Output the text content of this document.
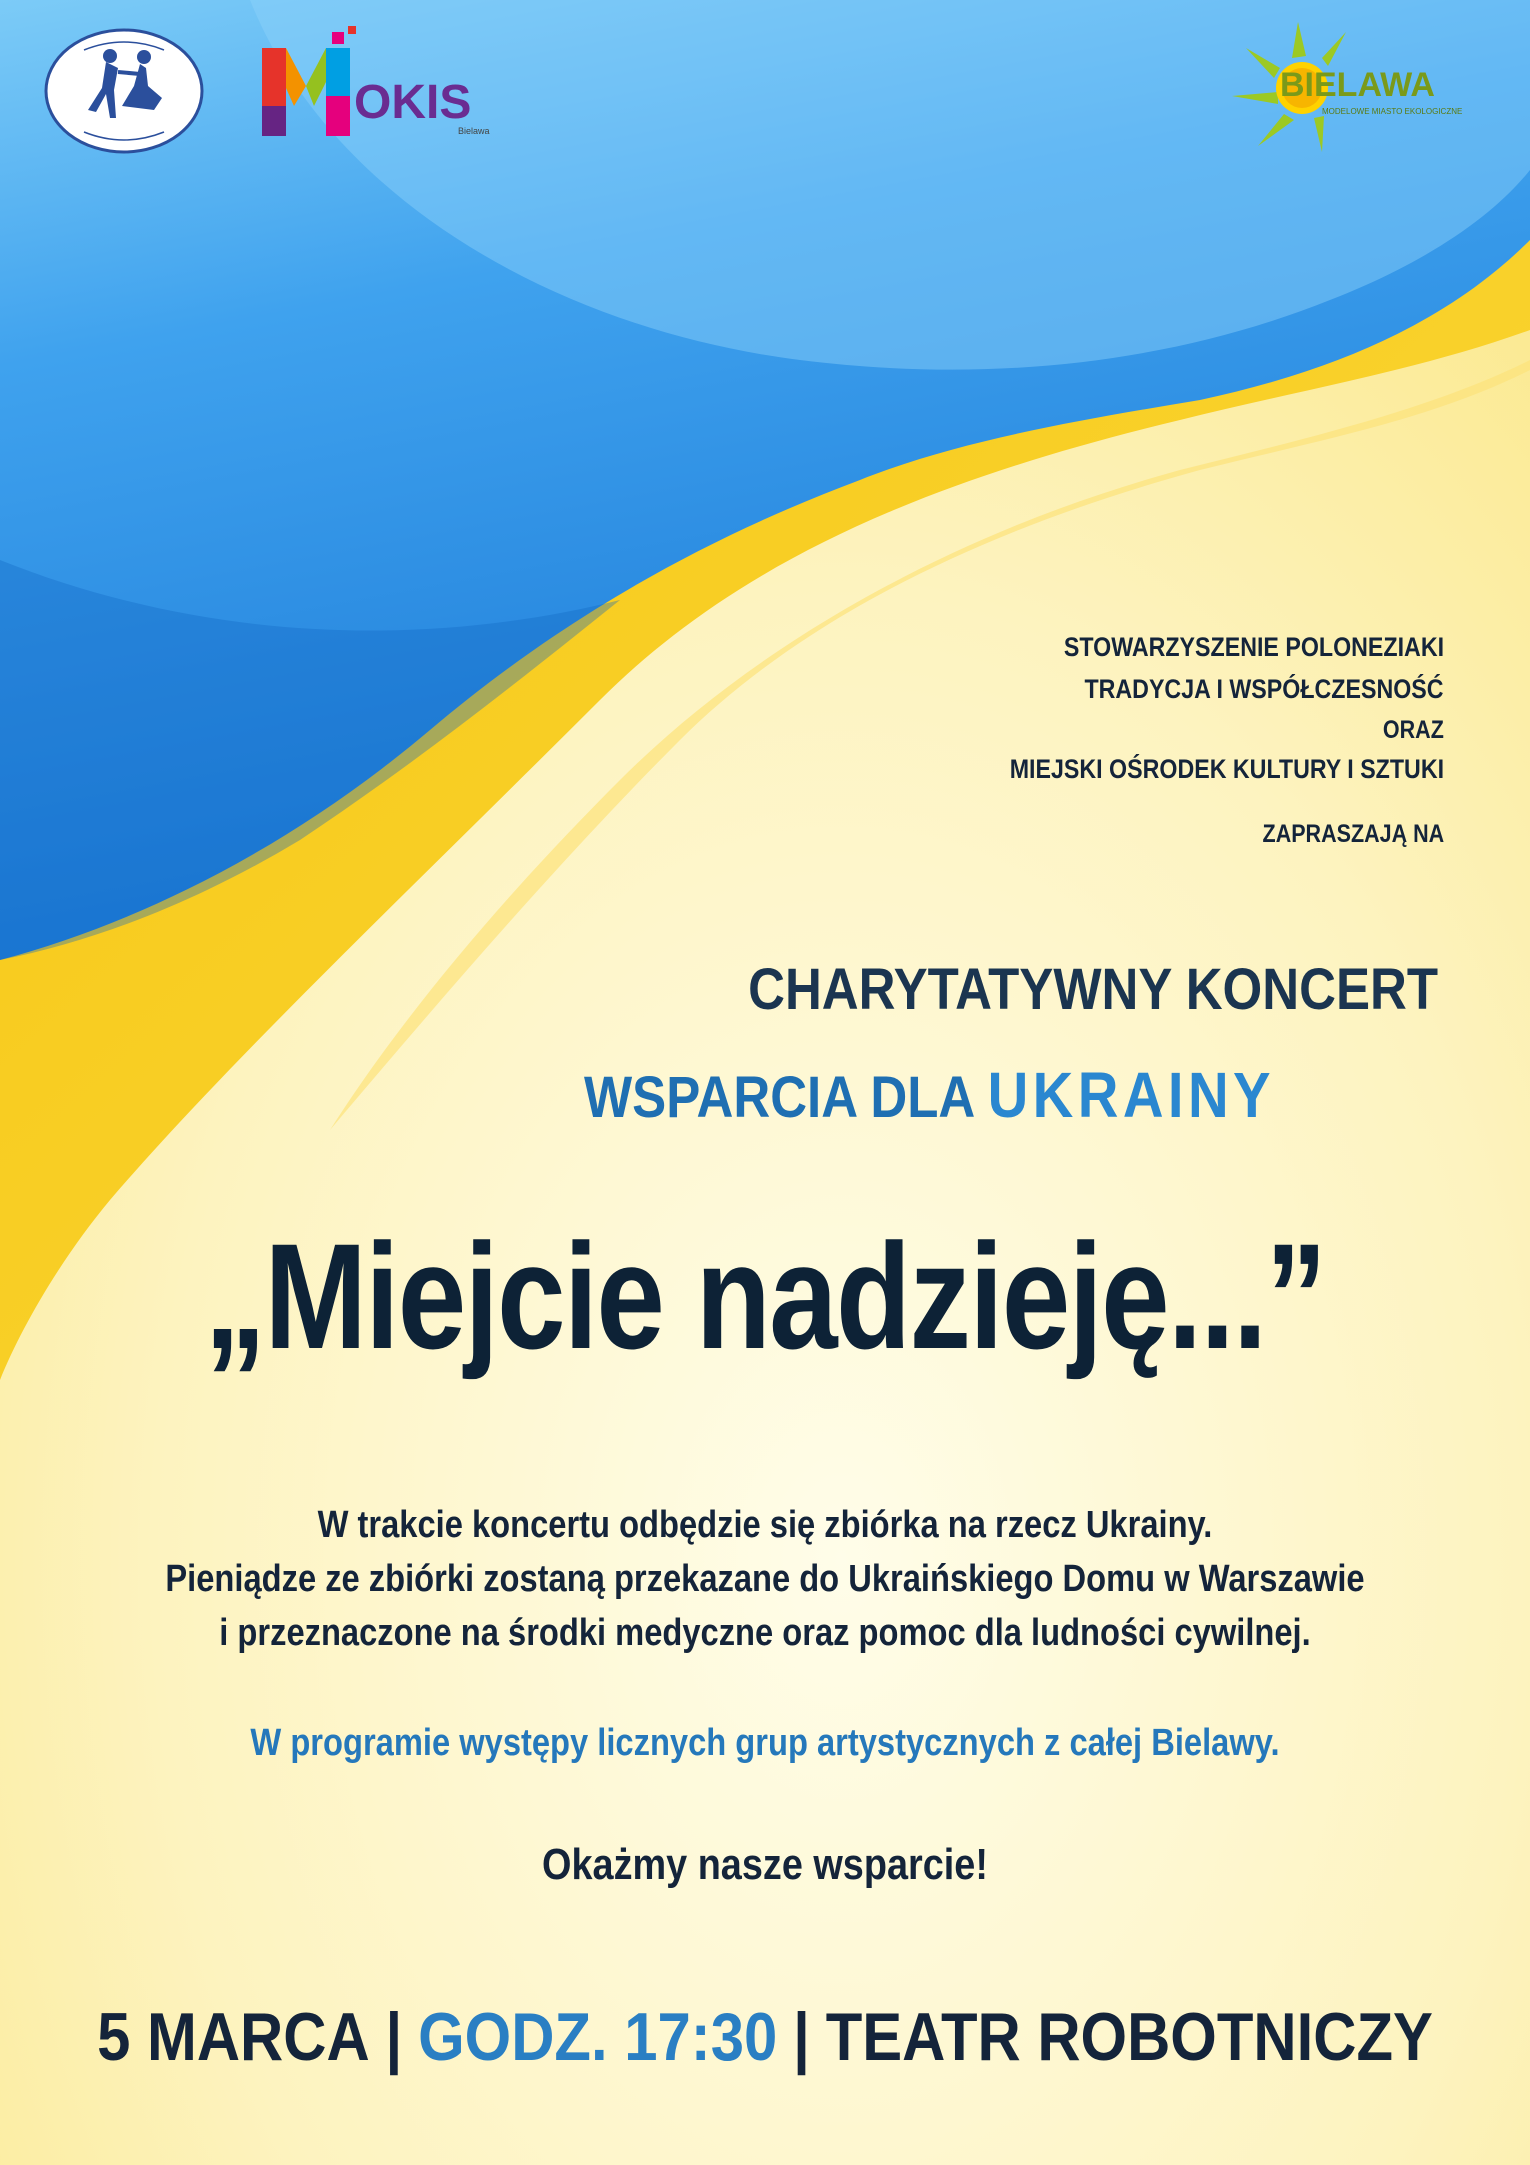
OKIS
Bielawa
BIELAWA
MODELOWE MIASTO EKOLOGICZNE
STOWARZYSZENIE POLONEZIAKI
TRADYCJA I WSPÓŁCZESNOŚĆ
ORAZ
MIEJSKI OŚRODEK KULTURY I SZTUKI
ZAPRASZAJĄ NA
CHARYTATYWNY KONCERT
WSPARCIA DLA UKRAINY
„Miejcie nadzieję...”
W trakcie koncertu odbędzie się zbiórka na rzecz Ukrainy.
Pieniądze ze zbiórki zostaną przekazane do Ukraińskiego Domu w Warszawie
i przeznaczone na środki medyczne oraz pomoc dla ludności cywilnej.
W programie występy licznych grup artystycznych z całej Bielawy.
Okażmy nasze wsparcie!
5 MARCA | GODZ. 17:30 | TEATR ROBOTNICZY
